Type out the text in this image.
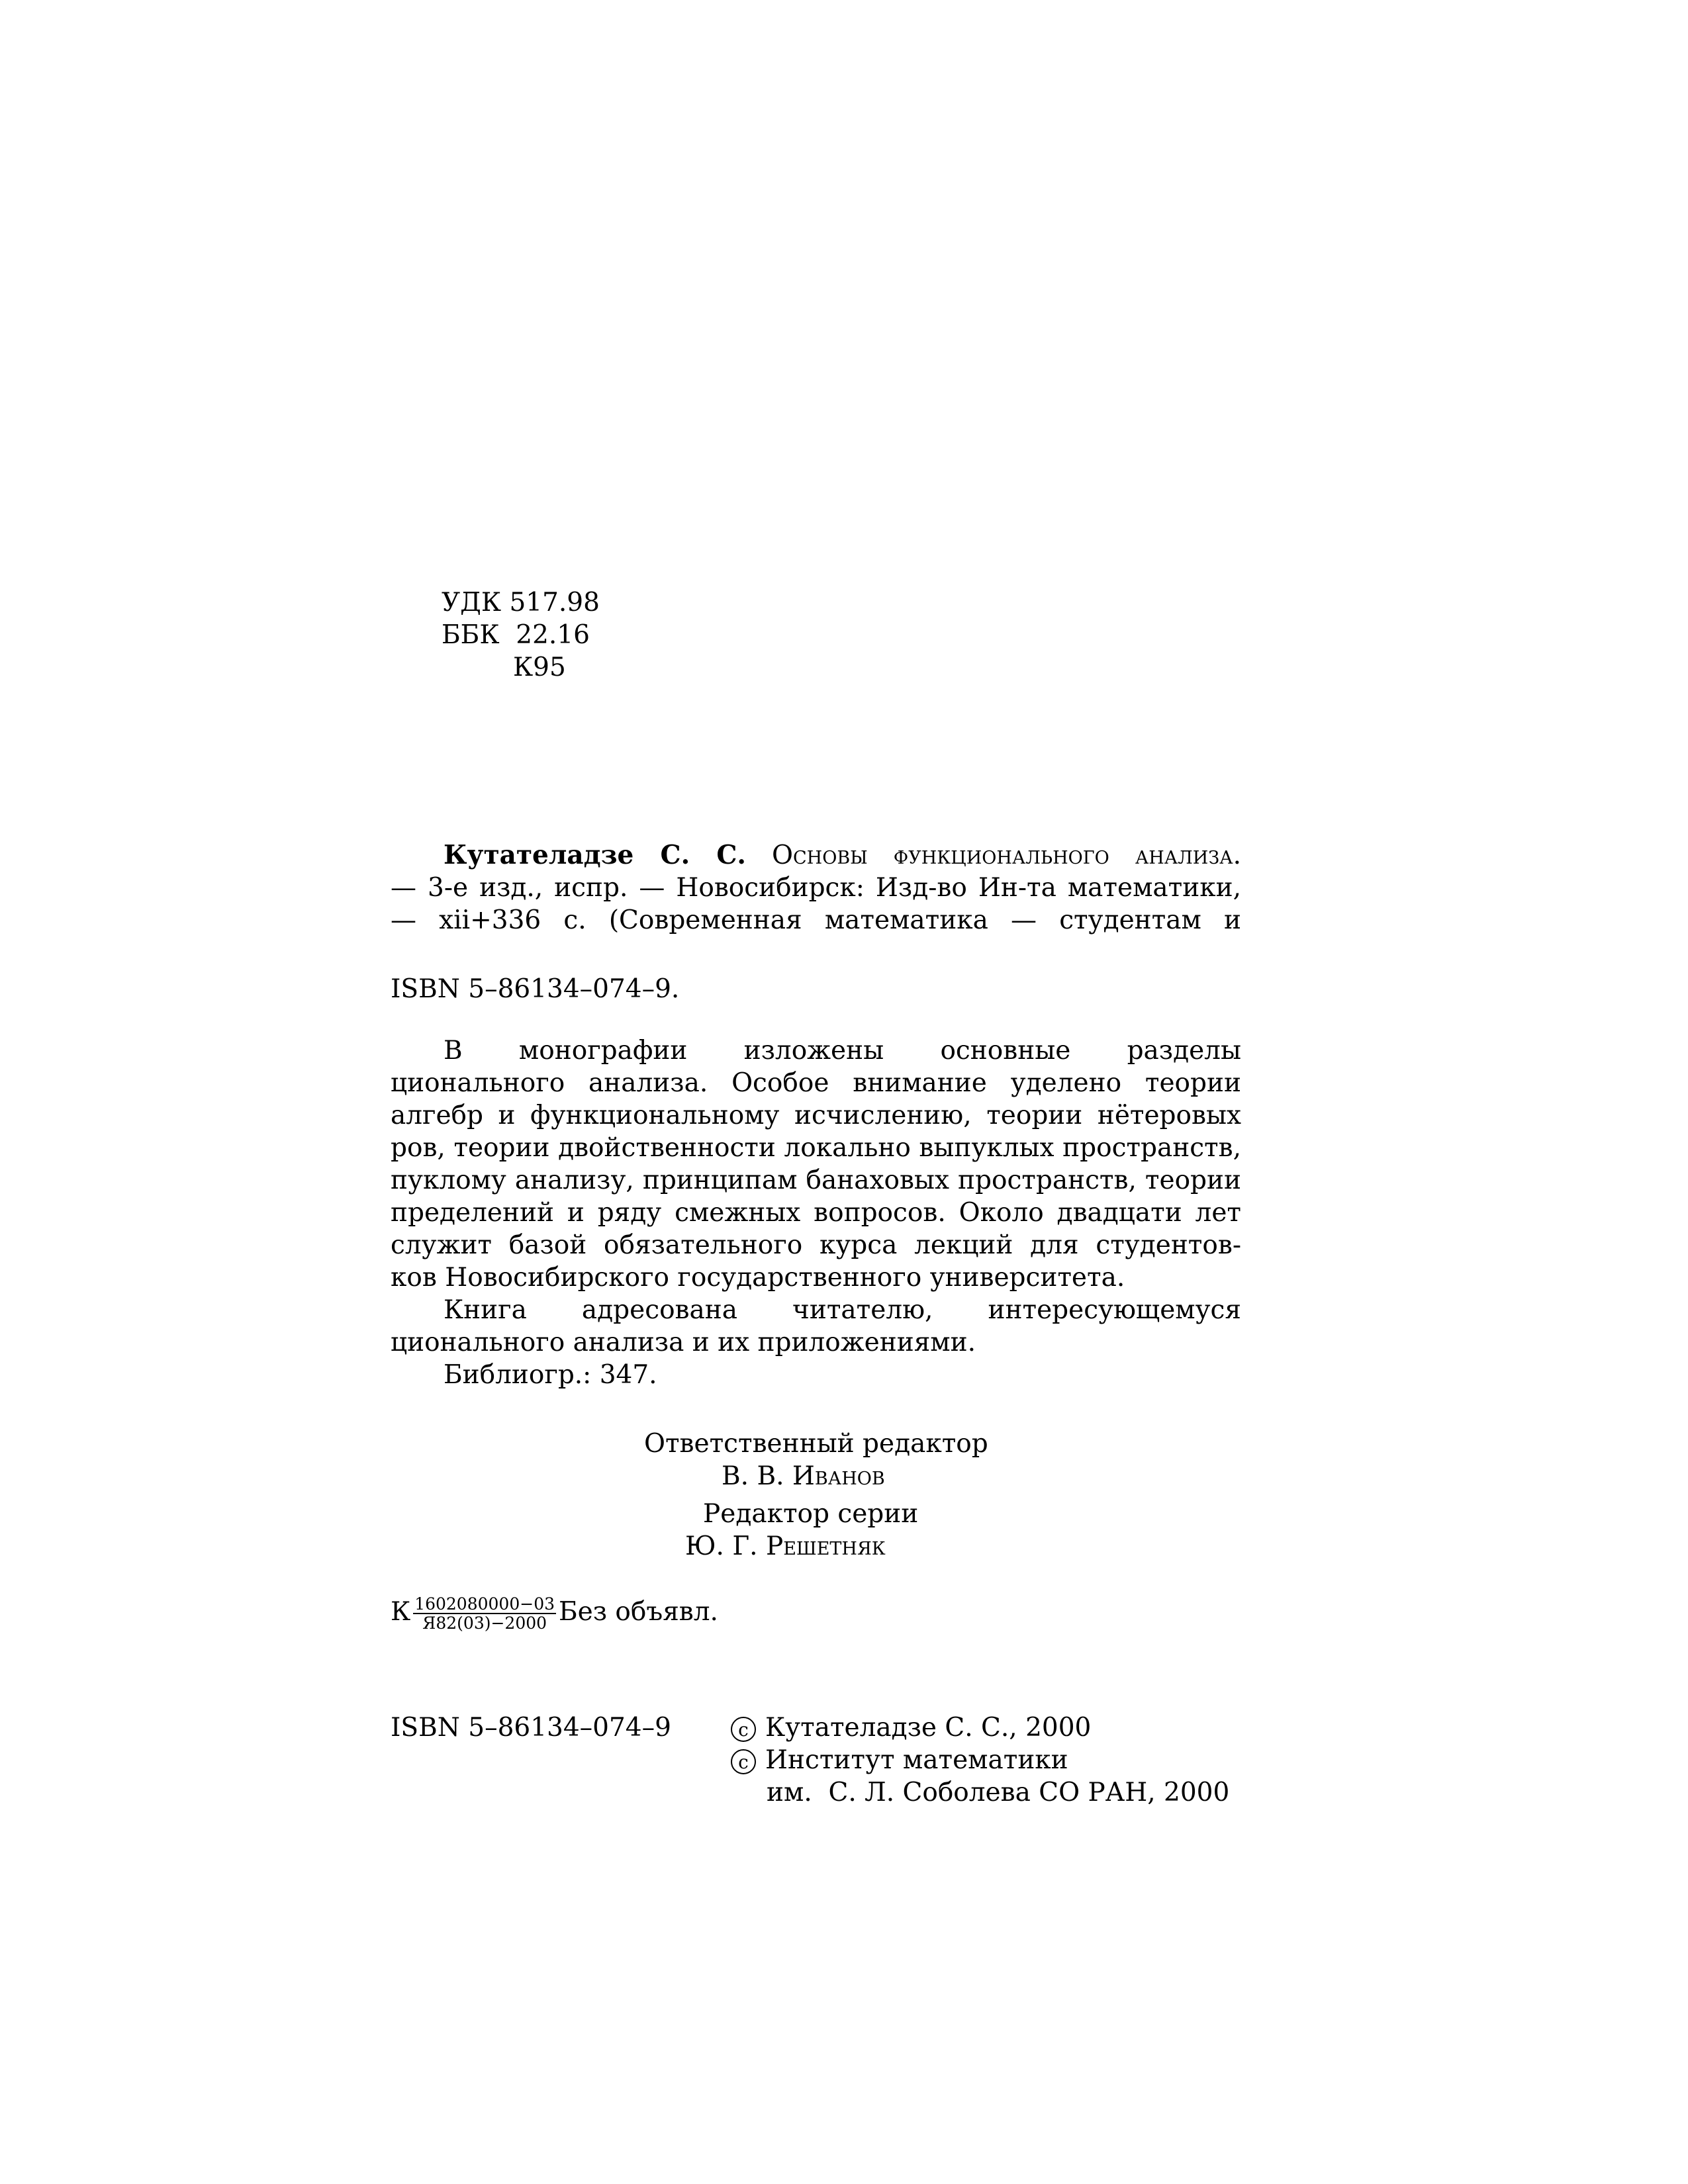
УДК 517.98
ББК  22.16
К95
Кутателадзе С. С. Основы функционального анализа.
— 3-е изд., испр. — Новосибирск: Изд-во Ин-та математики,
— xii+336 с. (Современная математика — студентам и
ISBN 5–86134–074–9.
В монографии изложены основные разделы
ционального анализа. Особое внимание уделено теории
алгебр и функциональному исчислению, теории нётеровых
ров, теории двойственности локально выпуклых пространств,
пуклому анализу, принципам банаховых пространств, теории
пределений и ряду смежных вопросов. Около двадцати лет
служит базой обязательного курса лекций для студентов-
ков Новосибирского государственного университета.
Книга адресована читателю, интересующемуся
ционального анализа и их приложениями.
Библиогр.: 347.
Ответственный редактор
В. В. Иванов
Редактор серии
Ю. Г. Решетняк
К $\frac{1602080000-03}{Я82(03)-2000}$ Без объявл.
ISBN 5–86134–074–9	c Кутателадзе С. С., 2000
c Институт математики
им.  С. Л. Соболева СО РАН, 2000
